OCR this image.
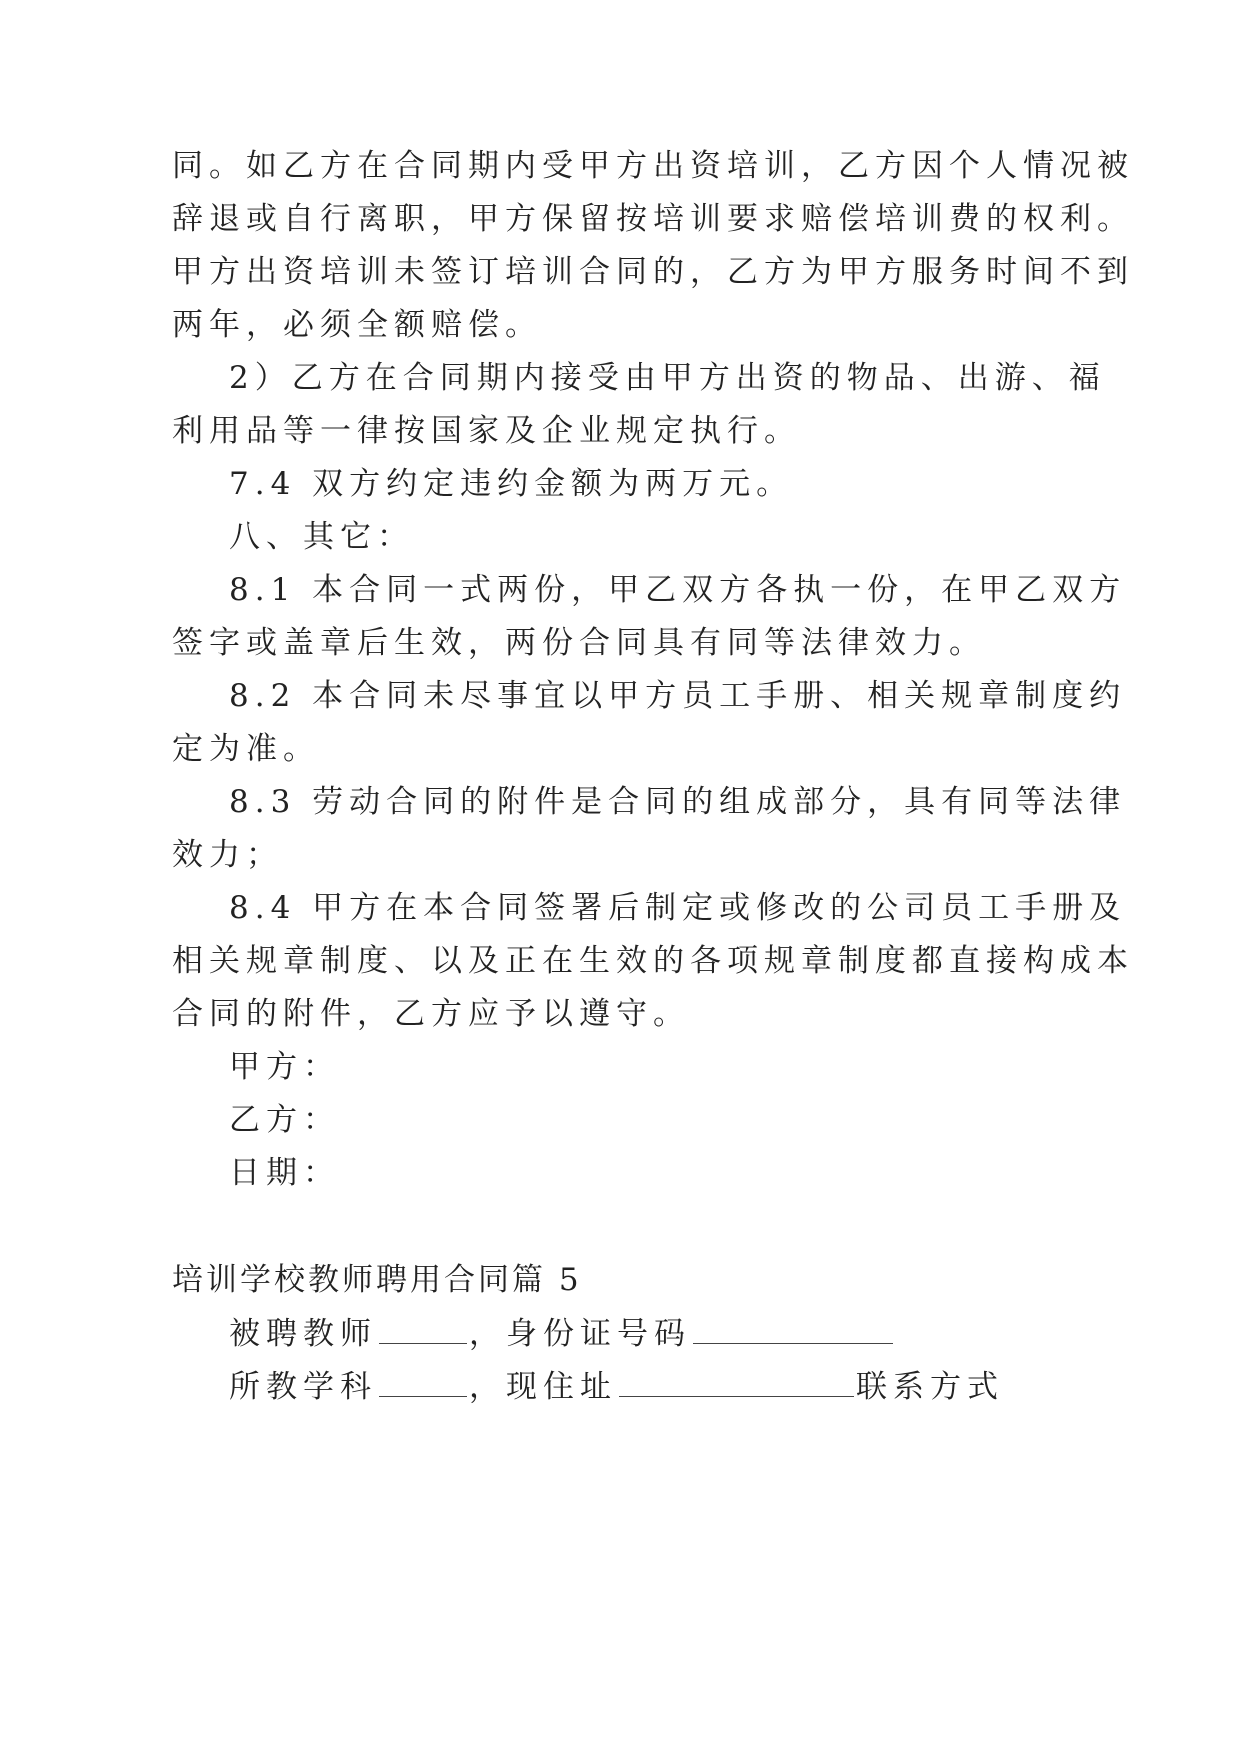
同。如乙方在合同期内受甲方出资培训，乙方因个人情况被
辞退或自行离职，甲方保留按培训要求赔偿培训费的权利。
甲方出资培训未签订培训合同的，乙方为甲方服务时间不到
两年，必须全额赔偿。
2）乙方在合同期内接受由甲方出资的物品、出游、福
利用品等一律按国家及企业规定执行。
7.4 双方约定违约金额为两万元。
八、其它：
8.1 本合同一式两份，甲乙双方各执一份，在甲乙双方
签字或盖章后生效，两份合同具有同等法律效力。
8.2 本合同未尽事宜以甲方员工手册、相关规章制度约
定为准。
8.3 劳动合同的附件是合同的组成部分，具有同等法律
效力；
8.4 甲方在本合同签署后制定或修改的公司员工手册及
相关规章制度、以及正在生效的各项规章制度都直接构成本
合同的附件，乙方应予以遵守。
甲方：
乙方：
日期：
培训学校教师聘用合同篇 5
被聘教师	，身份证号码
所教学科	，现住址	联系方式
